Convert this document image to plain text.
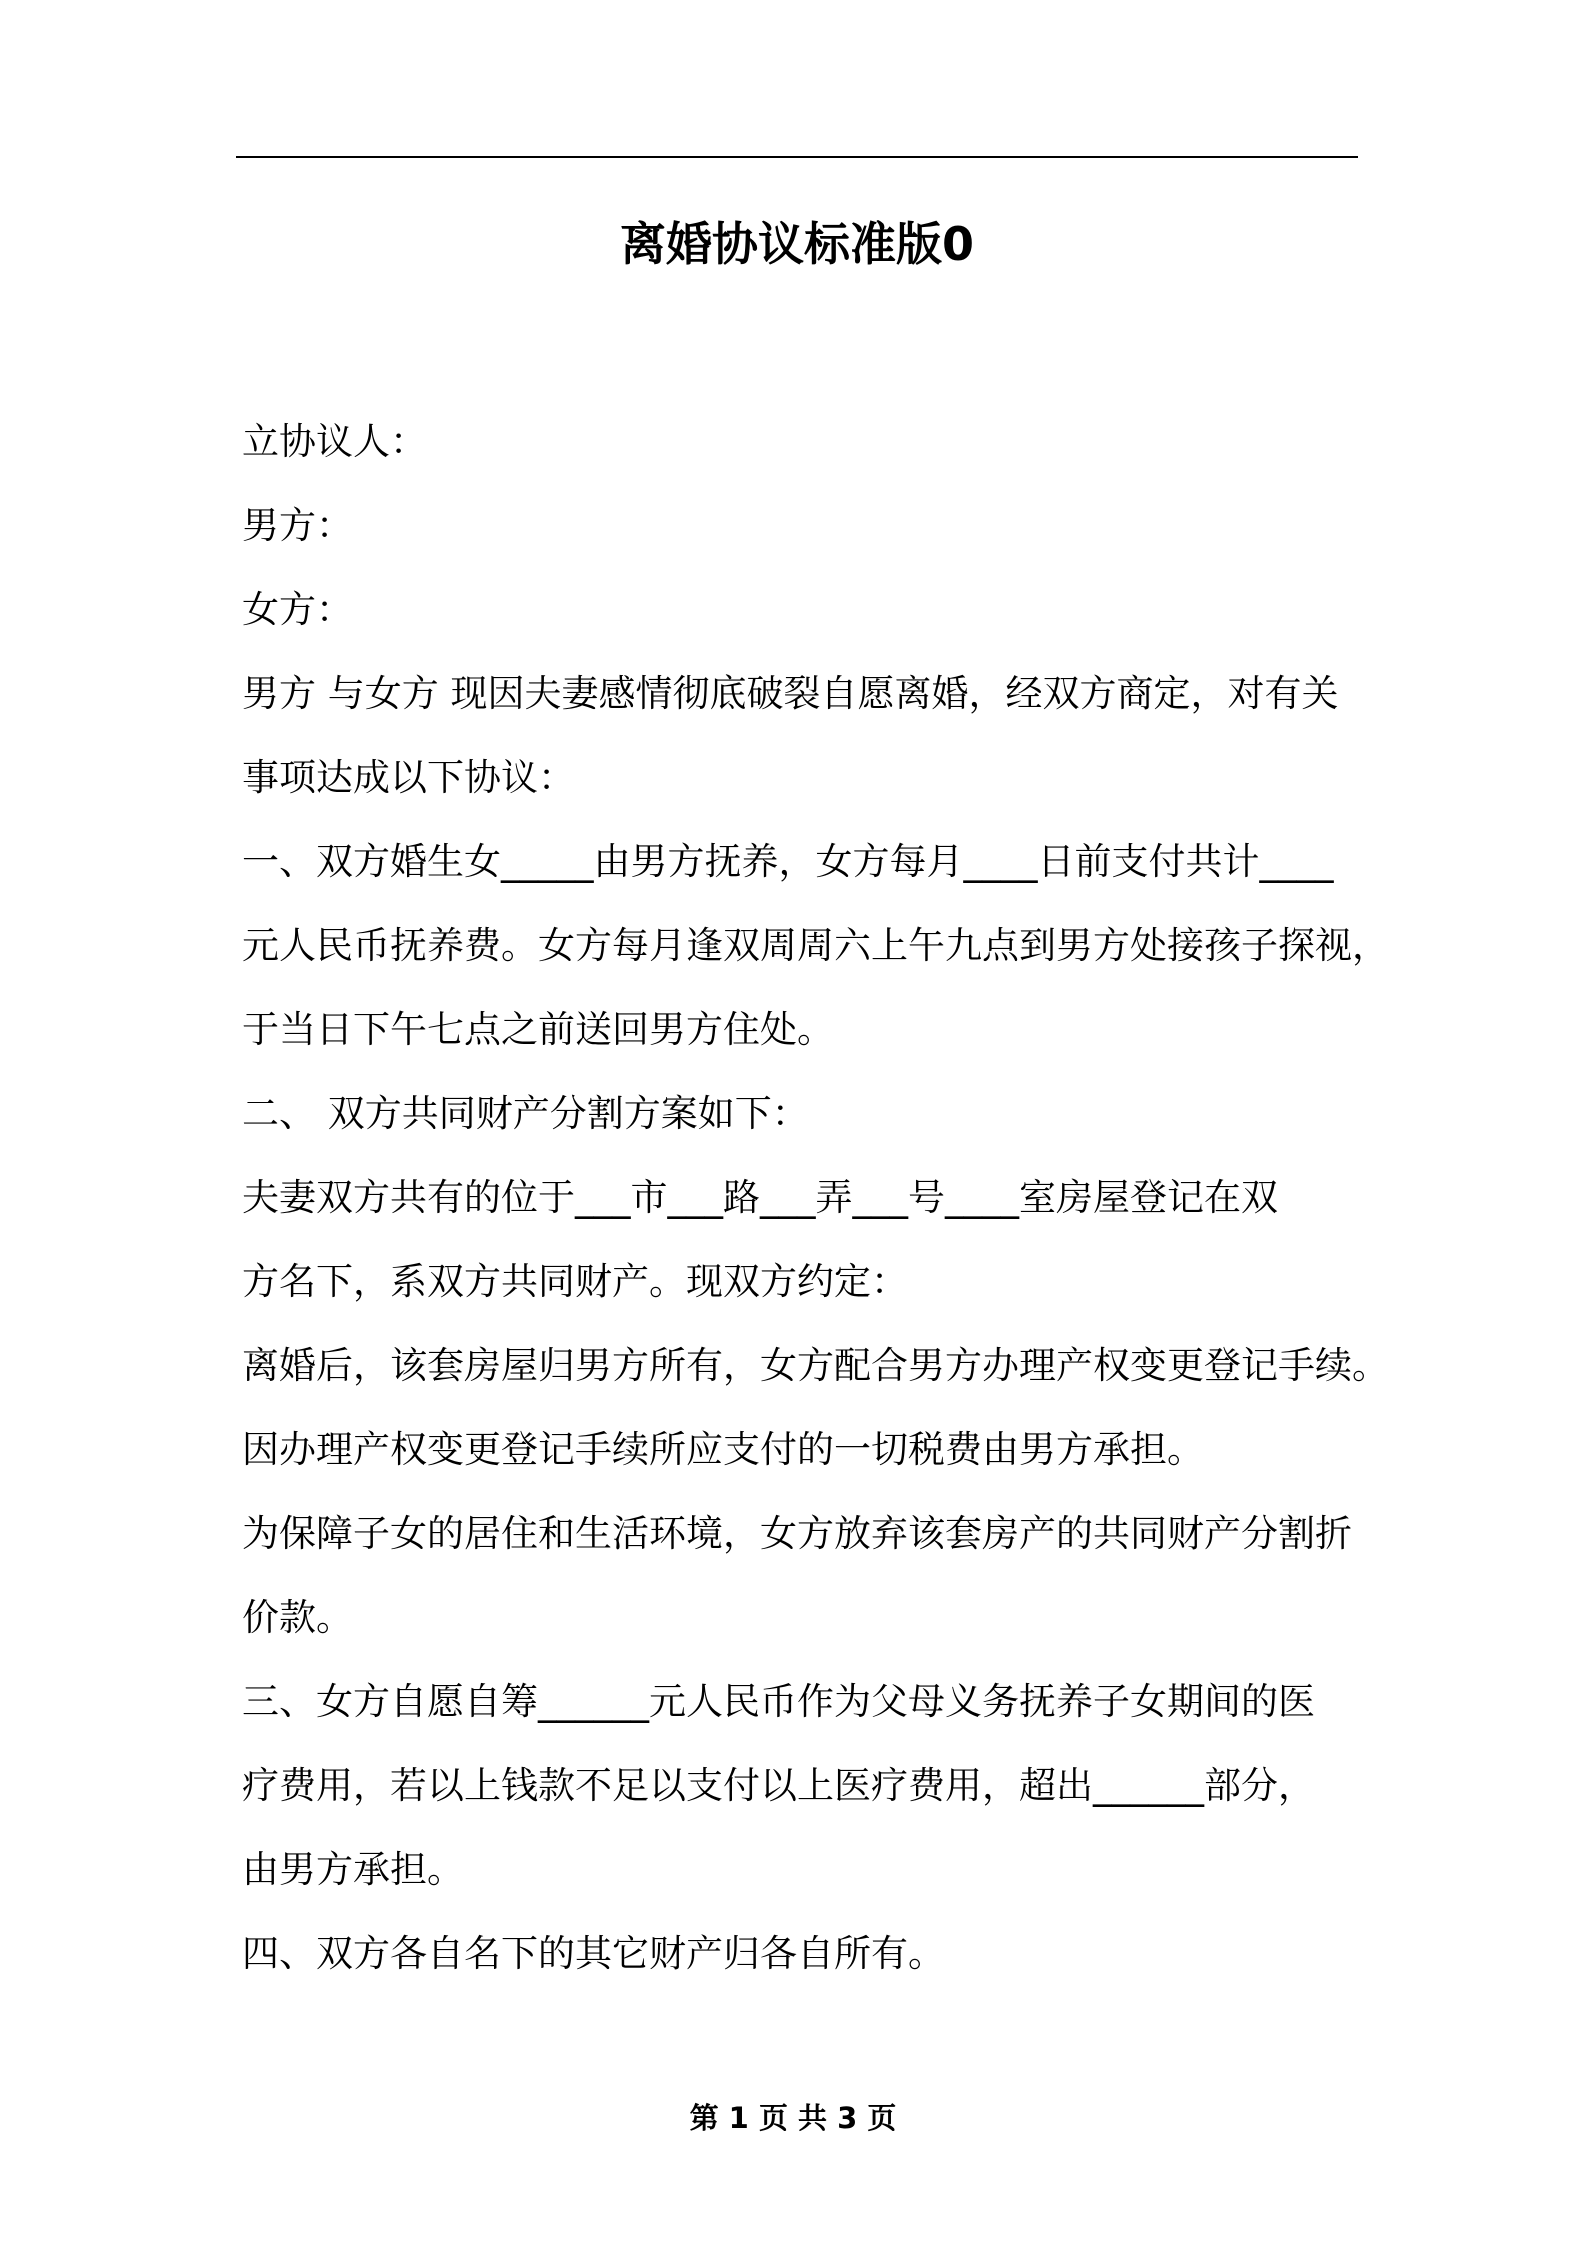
离婚协议标准版0

立协议人：

男方：

女方：

男方 与女方 现因夫妻感情彻底破裂自愿离婚，经双方商定，对有关

事项达成以下协议：

一、双方婚生女_____由男方抚养，女方每月____日前支付共计____

元人民币抚养费。女方每月逢双周周六上午九点到男方处接孩子探视，

于当日下午七点之前送回男方住处。

二、 双方共同财产分割方案如下：

夫妻双方共有的位于___市___路___弄___号____室房屋登记在双

方名下，系双方共同财产。现双方约定：

离婚后，该套房屋归男方所有，女方配合男方办理产权变更登记手续。

因办理产权变更登记手续所应支付的一切税费由男方承担。

为保障子女的居住和生活环境，女方放弃该套房产的共同财产分割折

价款。

三、女方自愿自筹______元人民币作为父母义务抚养子女期间的医

疗费用，若以上钱款不足以支付以上医疗费用，超出______部分，

由男方承担。

四、双方各自名下的其它财产归各自所有。

第 1 页 共 3 页
